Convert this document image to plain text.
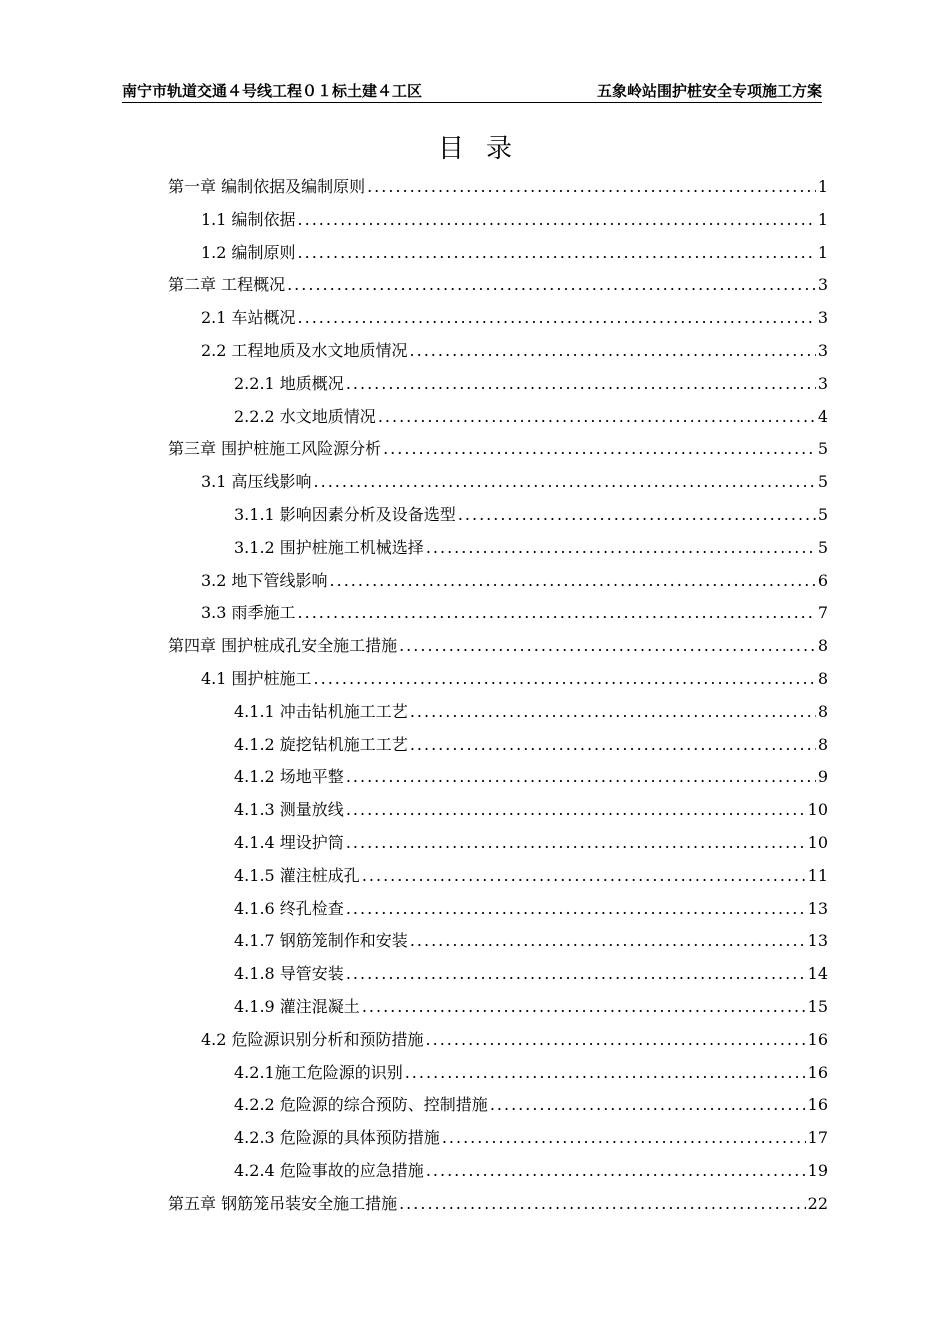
南宁市轨道交通４号线工程０１标土建４工区	五象岭站围护桩安全专项施工方案
目录
第一章 编制依据及编制原则 .....	1
1.1 编制依据 .....	1
1.2 编制原则 .....	1
第二章 工程概况 .....	3
2.1 车站概况 .....	3
2.2 工程地质及水文地质情况 .....	3
2.2.1 地质概况 .....	3
2.2.2 水文地质情况 .....	4
第三章 围护桩施工风险源分析 .....	5
3.1 高压线影响 .....	5
3.1.1 影响因素分析及设备选型 .....	5
3.1.2 围护桩施工机械选择 .....	5
3.2 地下管线影响 .....	6
3.3 雨季施工 .....	7
第四章 围护桩成孔安全施工措施 .....	8
4.1 围护桩施工 .....	8
4.1.1 冲击钻机施工工艺 .....	8
4.1.2 旋挖钻机施工工艺 .....	8
4.1.2 场地平整 .....	9
4.1.3 测量放线 .....	10
4.1.4 埋设护筒 .....	10
4.1.5 灌注桩成孔 .....	11
4.1.6 终孔检查 .....	13
4.1.7 钢筋笼制作和安装 .....	13
4.1.8 导管安装 .....	14
4.1.9 灌注混凝土 .....	15
4.2 危险源识别分析和预防措施 .....	16
4.2.1施工危险源的识别 .....	16
4.2.2 危险源的综合预防、控制措施 .....	16
4.2.3 危险源的具体预防措施 .....	17
4.2.4 危险事故的应急措施 .....	19
第五章 钢筋笼吊装安全施工措施 .....	22
